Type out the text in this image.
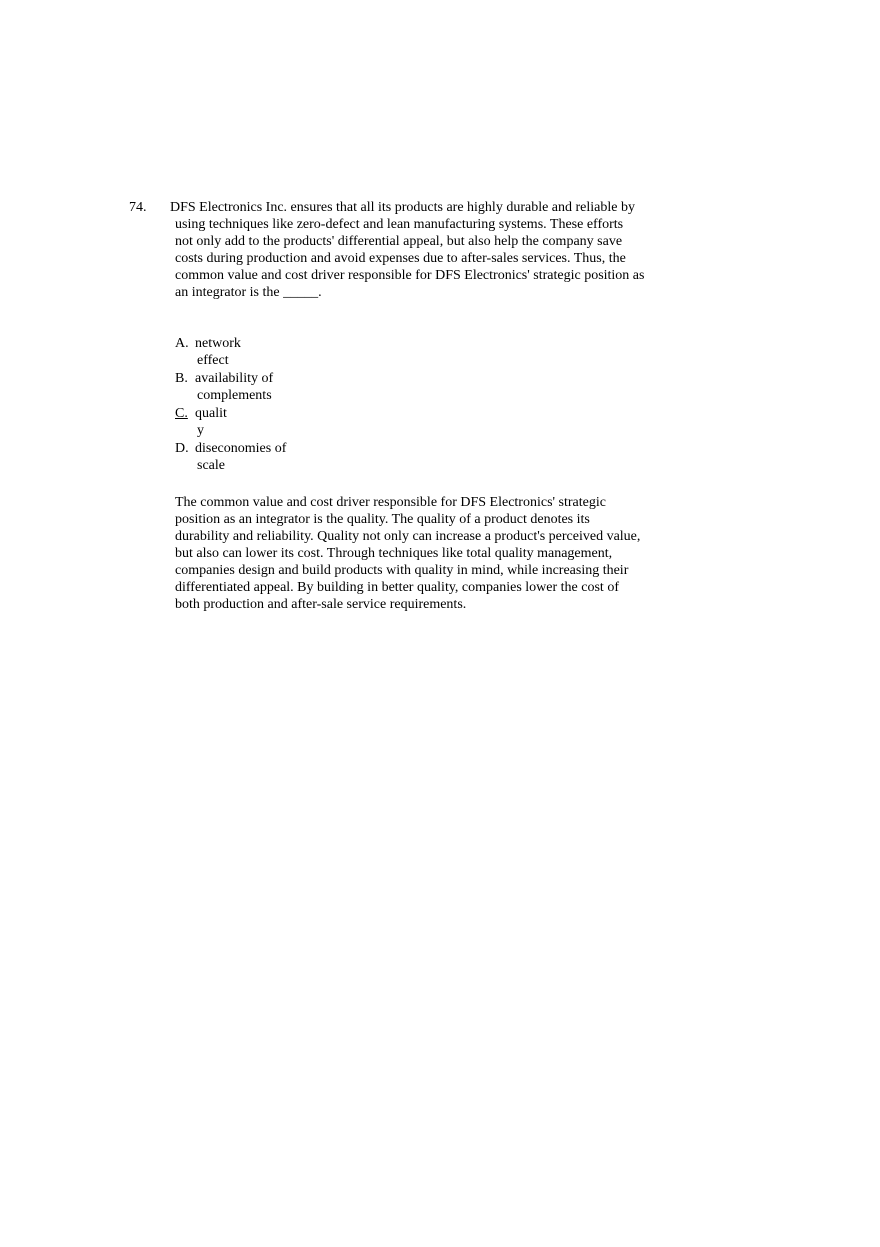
74. DFS Electronics Inc. ensures that all its products are highly durable and reliable by
using techniques like zero-defect and lean manufacturing systems. These efforts
not only add to the products' differential appeal, but also help the company save
costs during production and avoid expenses due to after-sales services. Thus, the
common value and cost driver responsible for DFS Electronics' strategic position as
an integrator is the _____.
A. network
effect
B. availability of
complements
C. qualit
y
D. diseconomies of
scale
The common value and cost driver responsible for DFS Electronics' strategic
position as an integrator is the quality. The quality of a product denotes its
durability and reliability. Quality not only can increase a product's perceived value,
but also can lower its cost. Through techniques like total quality management,
companies design and build products with quality in mind, while increasing their
differentiated appeal. By building in better quality, companies lower the cost of
both production and after-sale service requirements.
